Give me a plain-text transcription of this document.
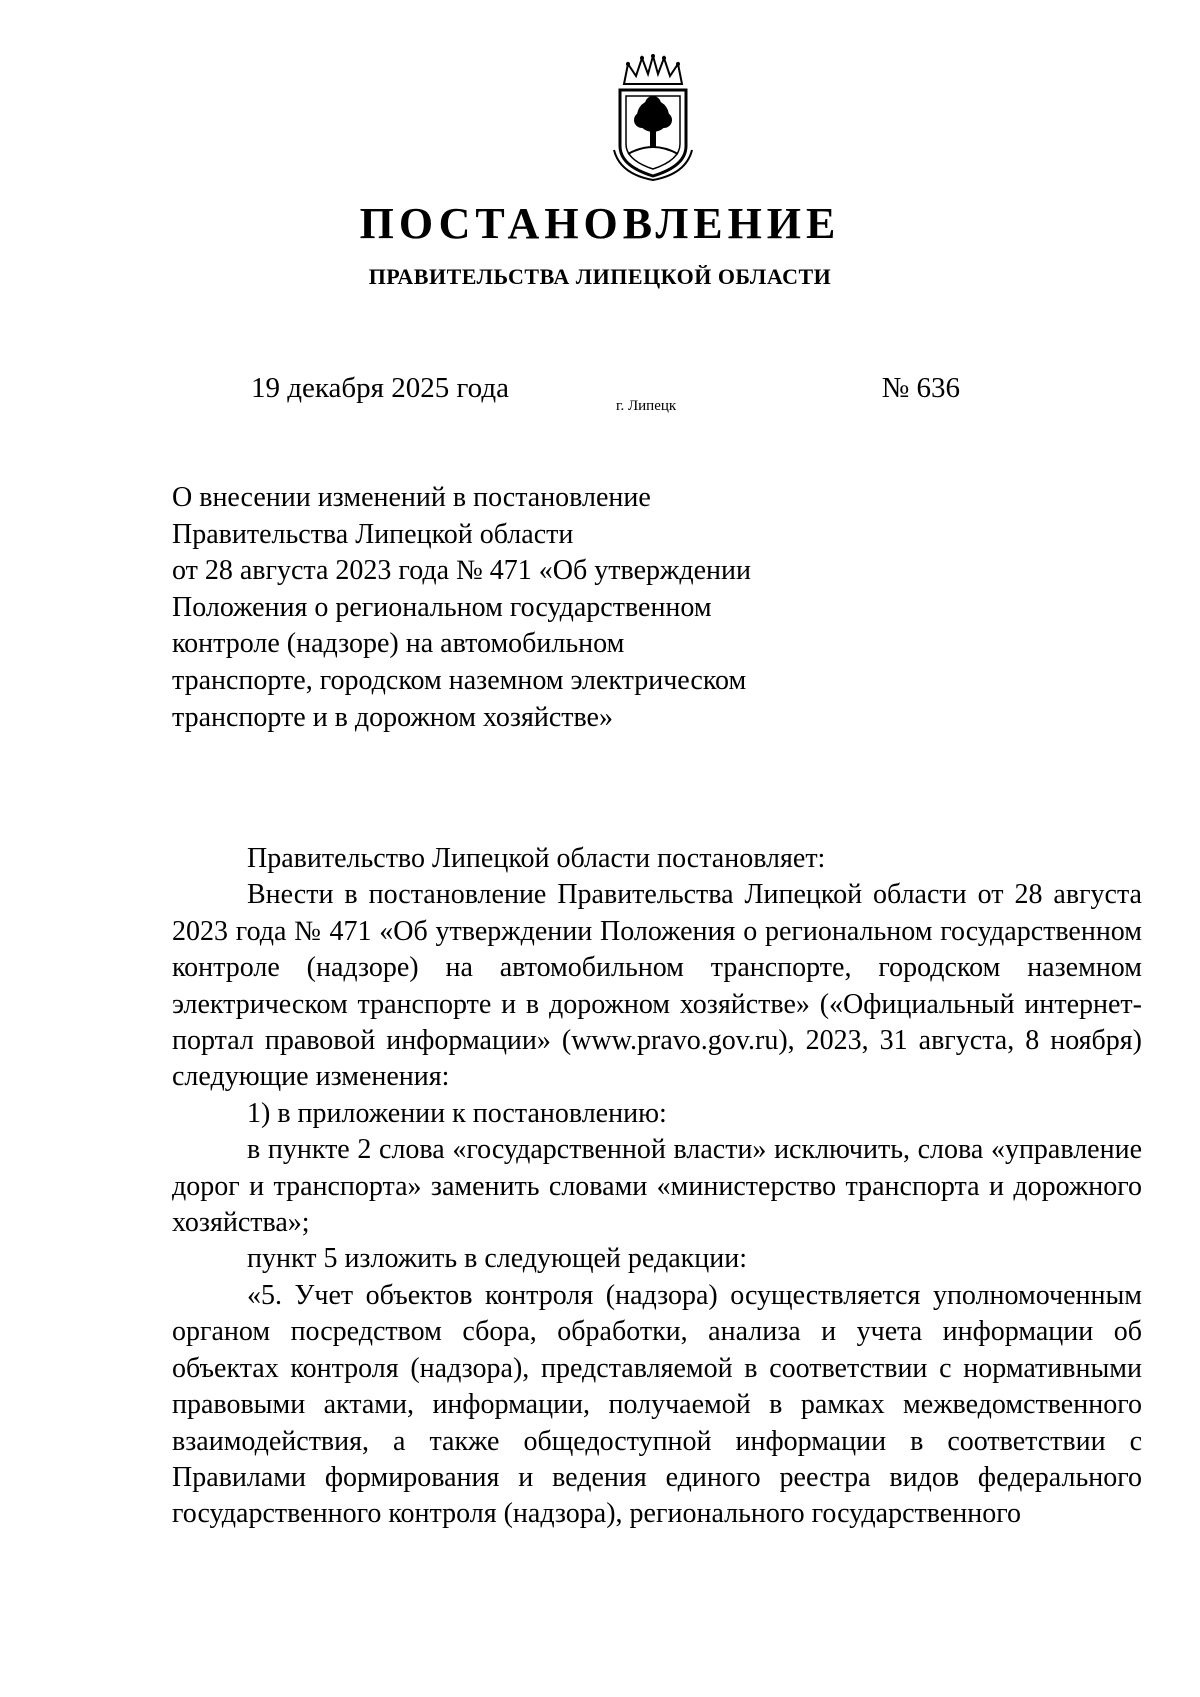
ПОСТАНОВЛЕНИЕ
ПРАВИТЕЛЬСТВА ЛИПЕЦКОЙ ОБЛАСТИ
19 декабря 2025 года
г. Липецк
№ 636
О внесении изменений в постановление
Правительства Липецкой области
от 28 августа 2023 года № 471 «Об утверждении
Положения о региональном государственном
контроле (надзоре) на автомобильном
транспорте, городском наземном электрическом
транспорте и в дорожном хозяйстве»

Правительство Липецкой области постановляет:

Внести в постановление Правительства Липецкой области от 28 августа 2023 года № 471 «Об утверждении Положения о региональном государственном контроле (надзоре) на автомобильном транспорте, городском наземном электрическом транспорте и в дорожном хозяйстве» («Официальный интернет-портал правовой информации» (www.pravo.gov.ru), 2023, 31 августа, 8 ноября) следующие изменения:

1) в приложении к постановлению:

в пункте 2 слова «государственной власти» исключить, слова «управление дорог и транспорта» заменить словами «министерство транспорта и дорожного хозяйства»;

пункт 5 изложить в следующей редакции:

«5. Учет объектов контроля (надзора) осуществляется уполномоченным органом посредством сбора, обработки, анализа и учета информации об объектах контроля (надзора), представляемой в соответствии с нормативными правовыми актами, информации, получаемой в рамках межведомственного взаимодействия, а также общедоступной информации в соответствии с Правилами формирования и ведения единого реестра видов федерального государственного контроля (надзора), регионального государственного
